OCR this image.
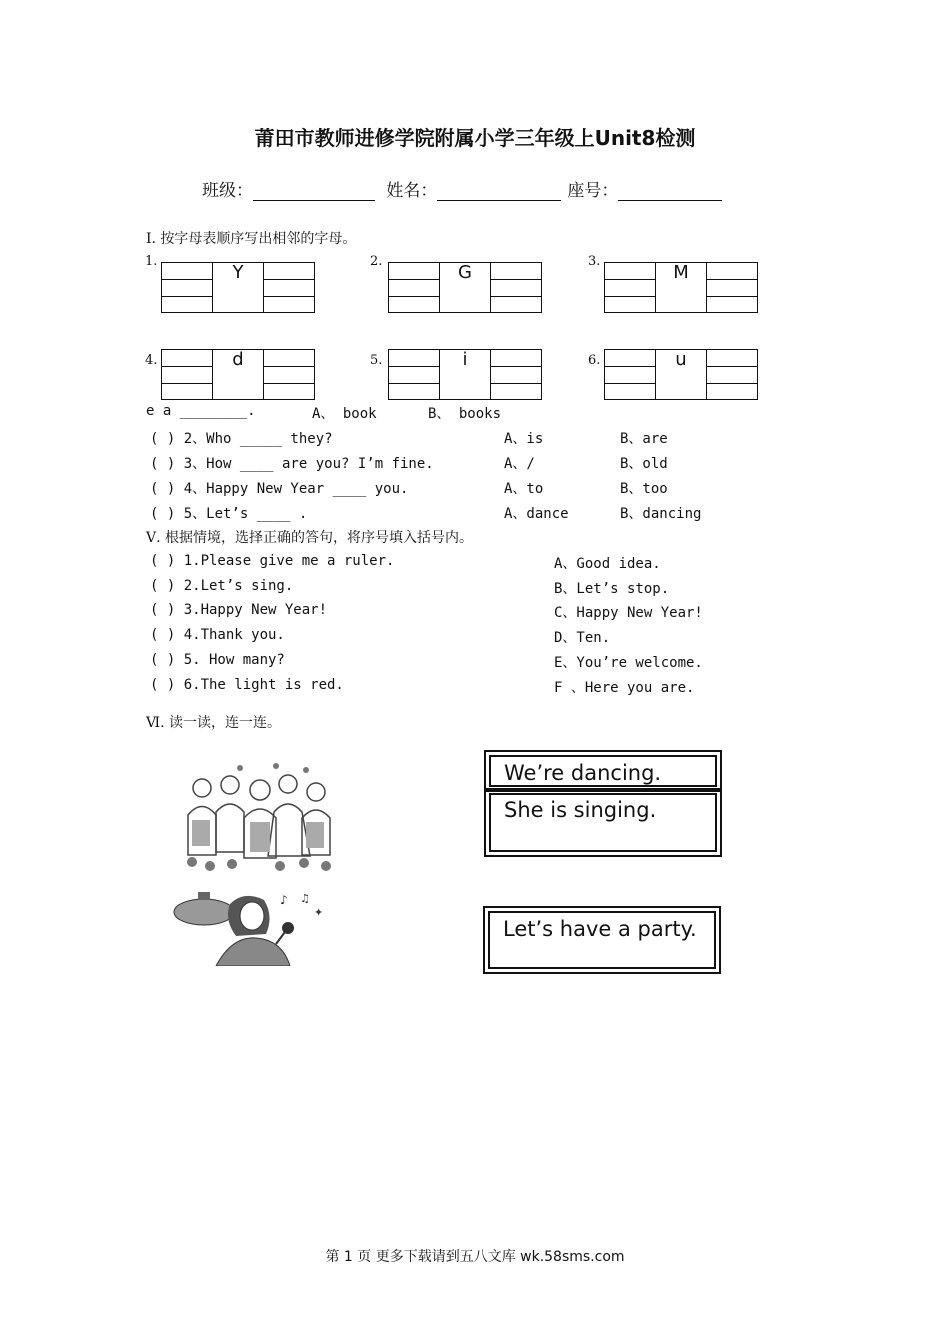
莆田市教师进修学院附属小学三年级上Unit8检测
班级：	姓名：	座号：
Ⅰ. 按字母表顺序写出相邻的字母。
1.
Y
2.
G
3.
M
4.	d	5.	i	6.	u
e a ________.	A、 book	B、 books
( ) 2、Who _____ they?	A、is	B、are
( ) 3、How ____ are you? I’m fine.	A、/	B、old
( ) 4、Happy New Year ____ you.	A、to	B、too
( ) 5、Let’s ____ .	A、dance	B、dancing
Ⅴ. 根据情境，选择正确的答句，将序号填入括号内。
( ) 1.Please give me a ruler.	A、Good idea.
( ) 2.Let’s sing.	B、Let’s stop.
( ) 3.Happy New Year!	C、Happy New Year!
( ) 4.Thank you.	D、Ten.
( ) 5. How many?	E、You’re welcome.
( ) 6.The light is red.	F 、Here you are.
Ⅵ. 读一读，连一连。
♪ ♫
✦
We’re dancing.
She is singing.
Let’s have a party.
第 1 页 更多下载请到五八文库 wk.58sms.com
